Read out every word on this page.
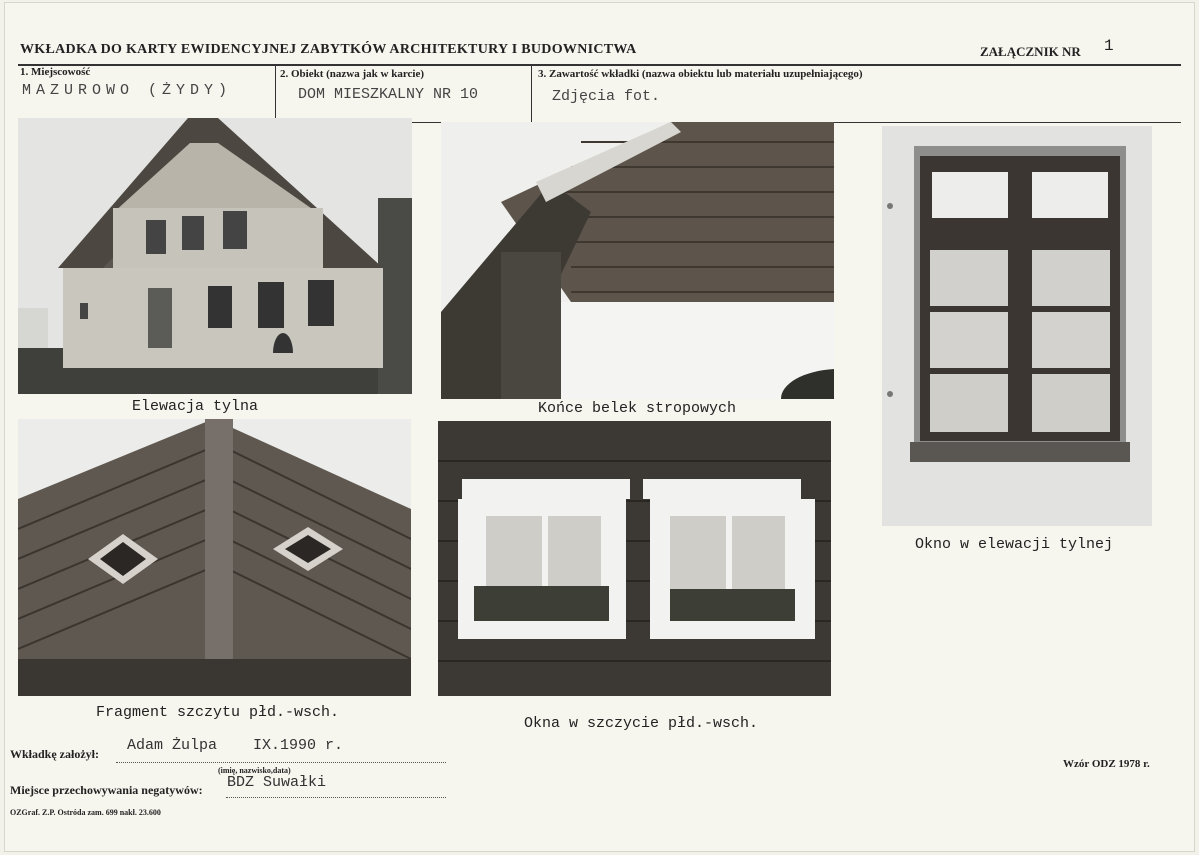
WKŁADKA DO KARTY EWIDENCYJNEJ ZABYTKÓW ARCHITEKTURY I BUDOWNICTWA	ZAŁĄCZNIK NR 1
1. Miejscowość
MAZUROWO (ŻYDY)
2. Obiekt (nazwa jak w karcie)
DOM MIESZKALNY NR 10
3. Zawartość wkładki (nazwa obiektu lub materiału uzupełniającego)
Zdjęcia fot.
Elewacja tylna	Końce belek stropowych
Okno w elewacji tylnej
Fragment szczytu płd.-wsch.
Okna w szczycie płd.-wsch.
Wkładkę założył: Adam Żulpa    IX.1990 r.
(imię, nazwisko,data)
Miejsce przechowywania negatywów: BDZ Suwałki
OZGraf. Z.P. Ostróda zam. 699 nakł. 23.600
Wzór ODZ 1978 r.
